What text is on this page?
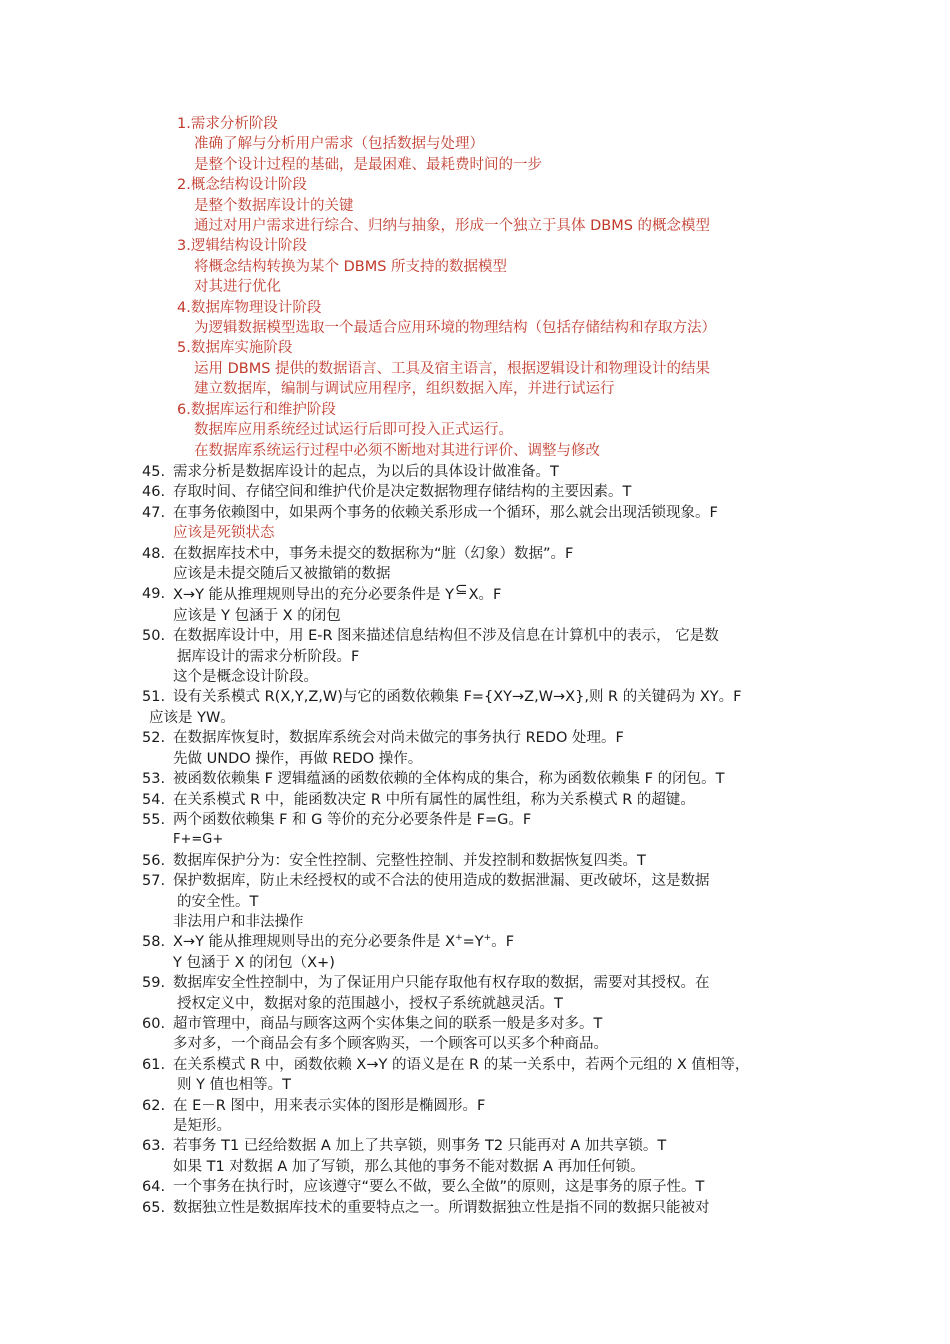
1.需求分析阶段
准确了解与分析用户需求（包括数据与处理）
是整个设计过程的基础，是最困难、最耗费时间的一步
2.概念结构设计阶段
是整个数据库设计的关键
通过对用户需求进行综合、归纳与抽象，形成一个独立于具体 DBMS 的概念模型
3.逻辑结构设计阶段
将概念结构转换为某个 DBMS 所支持的数据模型
对其进行优化
4.数据库物理设计阶段
为逻辑数据模型选取一个最适合应用环境的物理结构（包括存储结构和存取方法）
5.数据库实施阶段
运用 DBMS 提供的数据语言、工具及宿主语言，根据逻辑设计和物理设计的结果
建立数据库，编制与调试应用程序，组织数据入库，并进行试运行
6.数据库运行和维护阶段
数据库应用系统经过试运行后即可投入正式运行。
在数据库系统运行过程中必须不断地对其进行评价、调整与修改
45. 需求分析是数据库设计的起点，为以后的具体设计做准备。T
46. 存取时间、存储空间和维护代价是决定数据物理存储结构的主要因素。T
47. 在事务依赖图中，如果两个事务的依赖关系形成一个循环，那么就会出现活锁现象。F
应该是死锁状态
48. 在数据库技术中，事务未提交的数据称为“脏（幻象）数据”。F
应该是未提交随后又被撤销的数据
49. X→Y 能从推理规则导出的充分必要条件是 Y⊆X。F
应该是 Y 包涵于 X 的闭包
50. 在数据库设计中，用 E-R 图来描述信息结构但不涉及信息在计算机中的表示， 它是数
据库设计的需求分析阶段。F
这个是概念设计阶段。
51. 设有关系模式 R(X,Y,Z,W)与它的函数依赖集 F={XY→Z,W→X},则 R 的关键码为 XY。F
应该是 YW。
52. 在数据库恢复时，数据库系统会对尚未做完的事务执行 REDO 处理。F
先做 UNDO 操作，再做 REDO 操作。
53. 被函数依赖集 F 逻辑蕴涵的函数依赖的全体构成的集合，称为函数依赖集 F 的闭包。T
54. 在关系模式 R 中，能函数决定 R 中所有属性的属性组，称为关系模式 R 的超键。
55. 两个函数依赖集 F 和 G 等价的充分必要条件是 F=G。F
F+=G+
56. 数据库保护分为：安全性控制、完整性控制、并发控制和数据恢复四类。T
57. 保护数据库，防止未经授权的或不合法的使用造成的数据泄漏、更改破坏，这是数据
的安全性。T
非法用户和非法操作
58. X→Y 能从推理规则导出的充分必要条件是 X+=Y+。F
Y 包涵于 X 的闭包（X+)
59. 数据库安全性控制中，为了保证用户只能存取他有权存取的数据，需要对其授权。在
授权定义中，数据对象的范围越小，授权子系统就越灵活。T
60. 超市管理中，商品与顾客这两个实体集之间的联系一般是多对多。T
多对多，一个商品会有多个顾客购买，一个顾客可以买多个种商品。
61. 在关系模式 R 中，函数依赖 X→Y 的语义是在 R 的某一关系中，若两个元组的 X 值相等，
则 Y 值也相等。T
62. 在 E－R 图中，用来表示实体的图形是椭圆形。F
是矩形。
63. 若事务 T1 已经给数据 A 加上了共享锁，则事务 T2 只能再对 A 加共享锁。T
如果 T1 对数据 A 加了写锁，那么其他的事务不能对数据 A 再加任何锁。
64. 一个事务在执行时，应该遵守“要么不做，要么全做”的原则，这是事务的原子性。T
65. 数据独立性是数据库技术的重要特点之一。所谓数据独立性是指不同的数据只能被对
